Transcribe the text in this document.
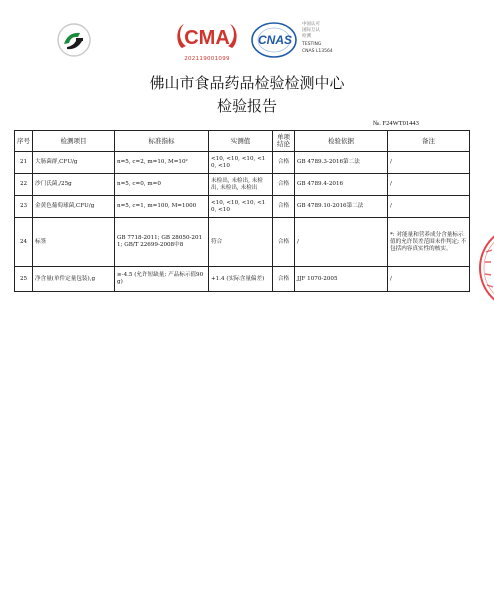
CMA
202119001099
CNAS
中国认可
国际互认
检测
TESTING
CNAS L13564
佛山市食品药品检验检测中心
检验报告
№. F24WT01443
序号	检测项目	标准指标	实测值	单项结论	检验依据	备注
21	大肠菌群,CFU/g	n=5, c=2, m=10, M=10²	<10, <10, <10, <10, <10	合格	GB 4789.3-2016第二法	/
22	沙门氏菌,/25g	n=5, c=0, m=0	未检出, 未检出, 未检出, 未检出, 未检出	合格	GB 4789.4-2016	/
23	金黄色葡萄球菌,CFU/g	n=5, c=1, m=100, M=1000	<10, <10, <10, <10, <10	合格	GB 4789.10-2016第二法	/
24	标签	GB 7718-2011; GB 28050-2011; GB/T 22699-2008中8	符合	合格	/	*: 对能量和营养成分含量标示值的允许误差范围未作判定; 不包括内容真实性的核实。
25	净含量(单件定量包装),g	≥-4.5 (允许短缺量; 产品标示值90g)	+1.4 (实际含量偏差)	合格	JJF 1070-2005	/
